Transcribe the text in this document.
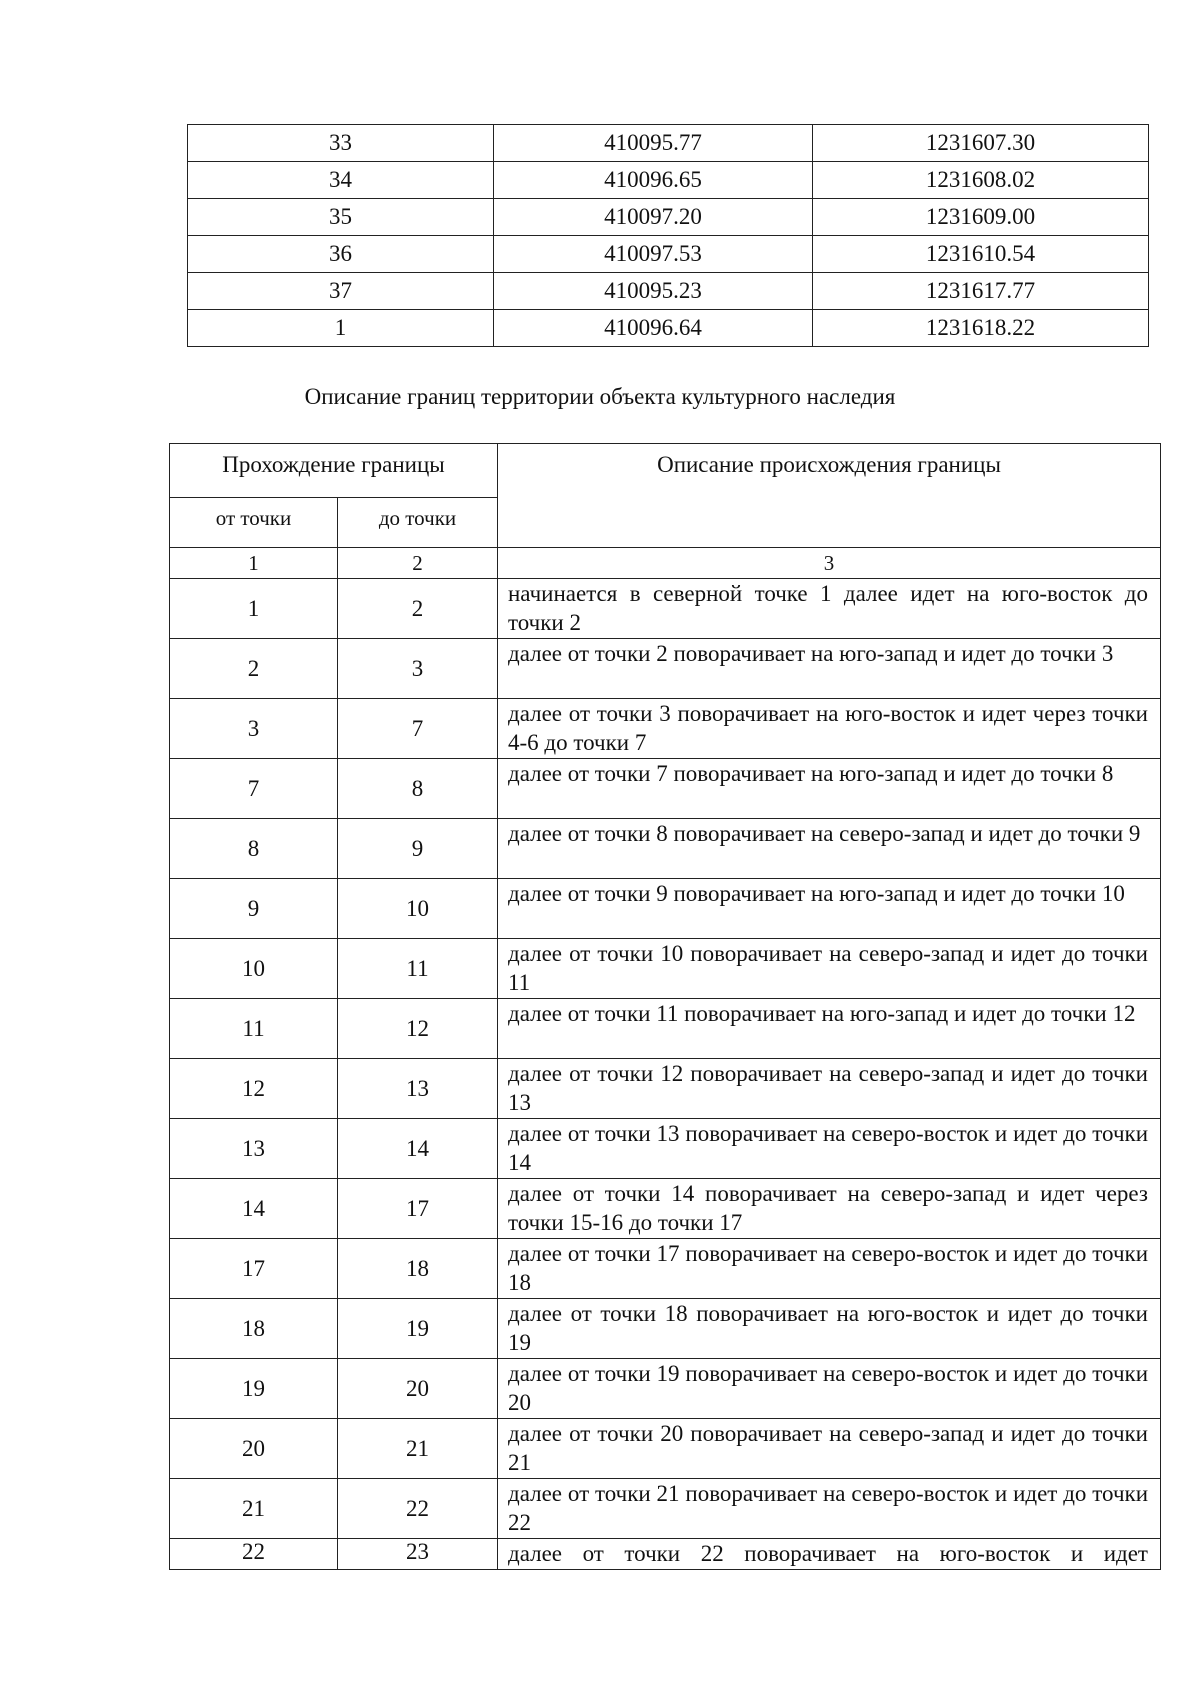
33	410095.77	1231607.30
34	410096.65	1231608.02
35	410097.20	1231609.00
36	410097.53	1231610.54
37	410095.23	1231617.77
1	410096.64	1231618.22
Описание границ территории объекта культурного наследия
Прохождение границы		Описание происхождения границы
от точки	до точки	
1	2	3
1	2	начинается в северной точке 1 далее идет на юго-восток до точки 2
2	3	далее от точки 2 поворачивает на юго-запад и идет до точки 3
3	7	далее от точки 3 поворачивает на юго-восток и идет через точки 4-6 до точки 7
7	8	далее от точки 7 поворачивает на юго-запад и идет до точки 8
8	9	далее от точки 8 поворачивает на северо-запад и идет до точки 9
9	10	далее от точки 9 поворачивает на юго-запад и идет до точки 10
10	11	далее от точки 10 поворачивает на северо-запад и идет до точки 11
11	12	далее от точки 11 поворачивает на юго-запад и идет до точки 12
12	13	далее от точки 12 поворачивает на северо-запад и идет до точки 13
13	14	далее от точки 13 поворачивает на северо-восток и идет до точки 14
14	17	далее от точки 14 поворачивает на северо-запад и идет через точки 15-16 до точки 17
17	18	далее от точки 17 поворачивает на северо-восток и идет до точки 18
18	19	далее от точки 18 поворачивает на юго-восток и идет до точки 19
19	20	далее от точки 19 поворачивает на северо-восток и идет до точки 20
20	21	далее от точки 20 поворачивает на северо-запад и идет до точки 21
21	22	далее от точки 21 поворачивает на северо-восток и идет до точки 22
22	23	далее от точки 22 поворачивает на юго-восток и идет
